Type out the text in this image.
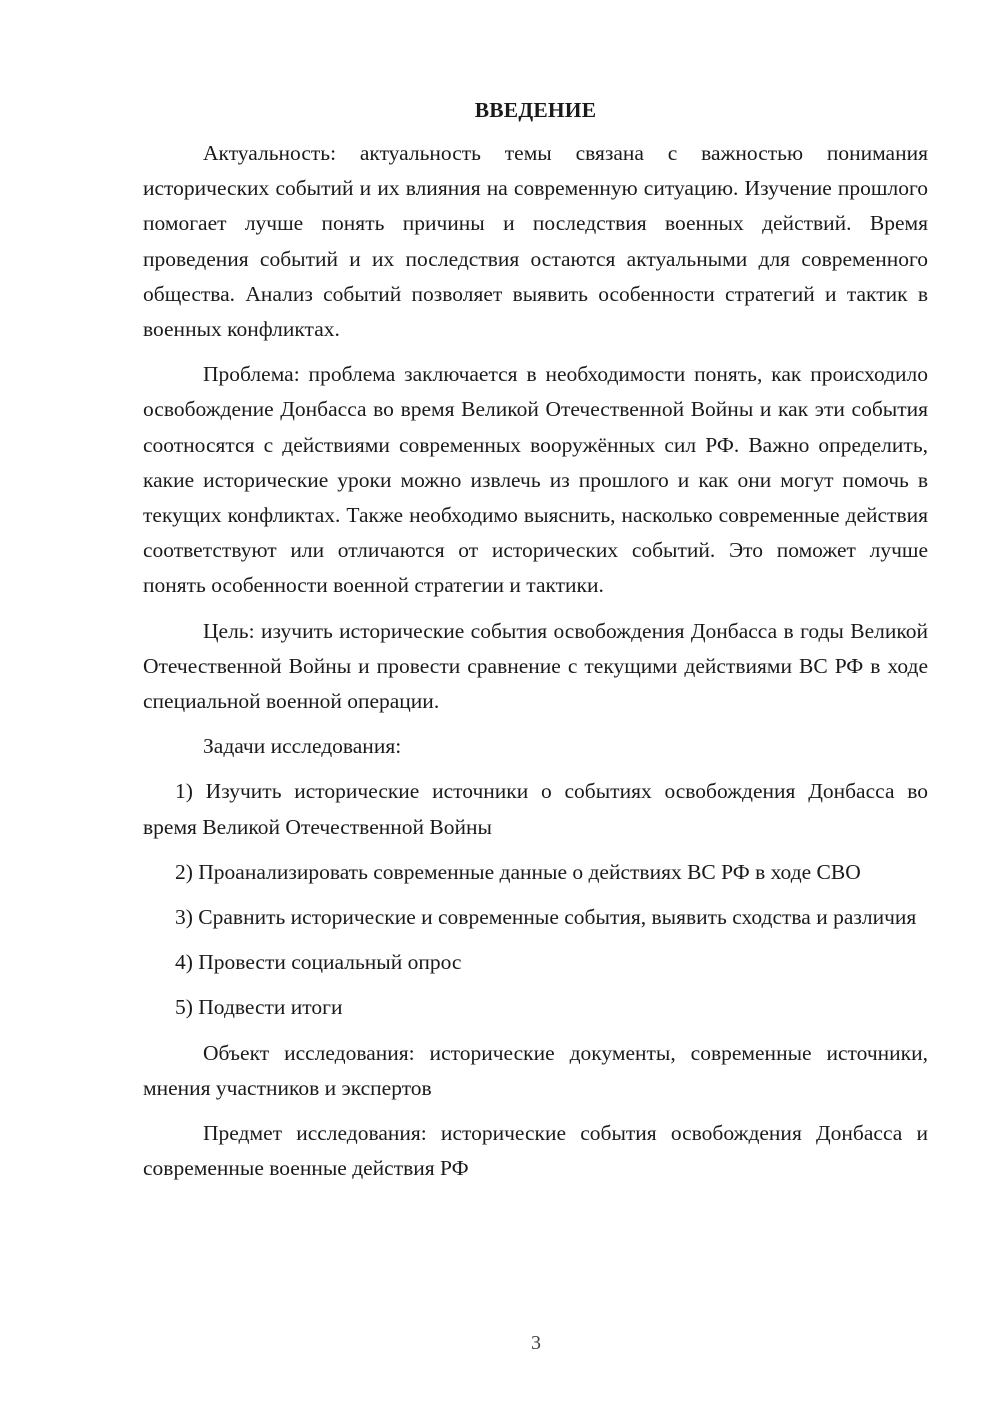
ВВЕДЕНИЕ

Актуальность: актуальность темы связана с важностью понимания исторических событий и их влияния на современную ситуацию. Изучение прошлого помогает лучше понять причины и последствия военных действий. Время проведения событий и их последствия остаются актуальными для современного общества. Анализ событий позволяет выявить особенности стратегий и тактик в военных конфликтах.

Проблема: проблема заключается в необходимости понять, как происходило освобождение Донбасса во время Великой Отечественной Войны и как эти события соотносятся с действиями современных вооружённых сил РФ. Важно определить, какие исторические уроки можно извлечь из прошлого и как они могут помочь в текущих конфликтах. Также необходимо выяснить, насколько современные действия соответствуют или отличаются от исторических событий. Это поможет лучше понять особенности военной стратегии и тактики.

Цель: изучить исторические события освобождения Донбасса в годы Великой Отечественной Войны и провести сравнение с текущими действиями ВС РФ в ходе специальной военной операции.

Задачи исследования:

1) Изучить исторические источники о событиях освобождения Донбасса во время Великой Отечественной Войны

2) Проанализировать современные данные о действиях ВС РФ в ходе СВО

3) Сравнить исторические и современные события, выявить сходства и различия

4) Провести социальный опрос

5) Подвести итоги

Объект исследования: исторические документы, современные источники, мнения участников и экспертов

Предмет исследования: исторические события освобождения Донбасса и современные военные действия РФ

3
